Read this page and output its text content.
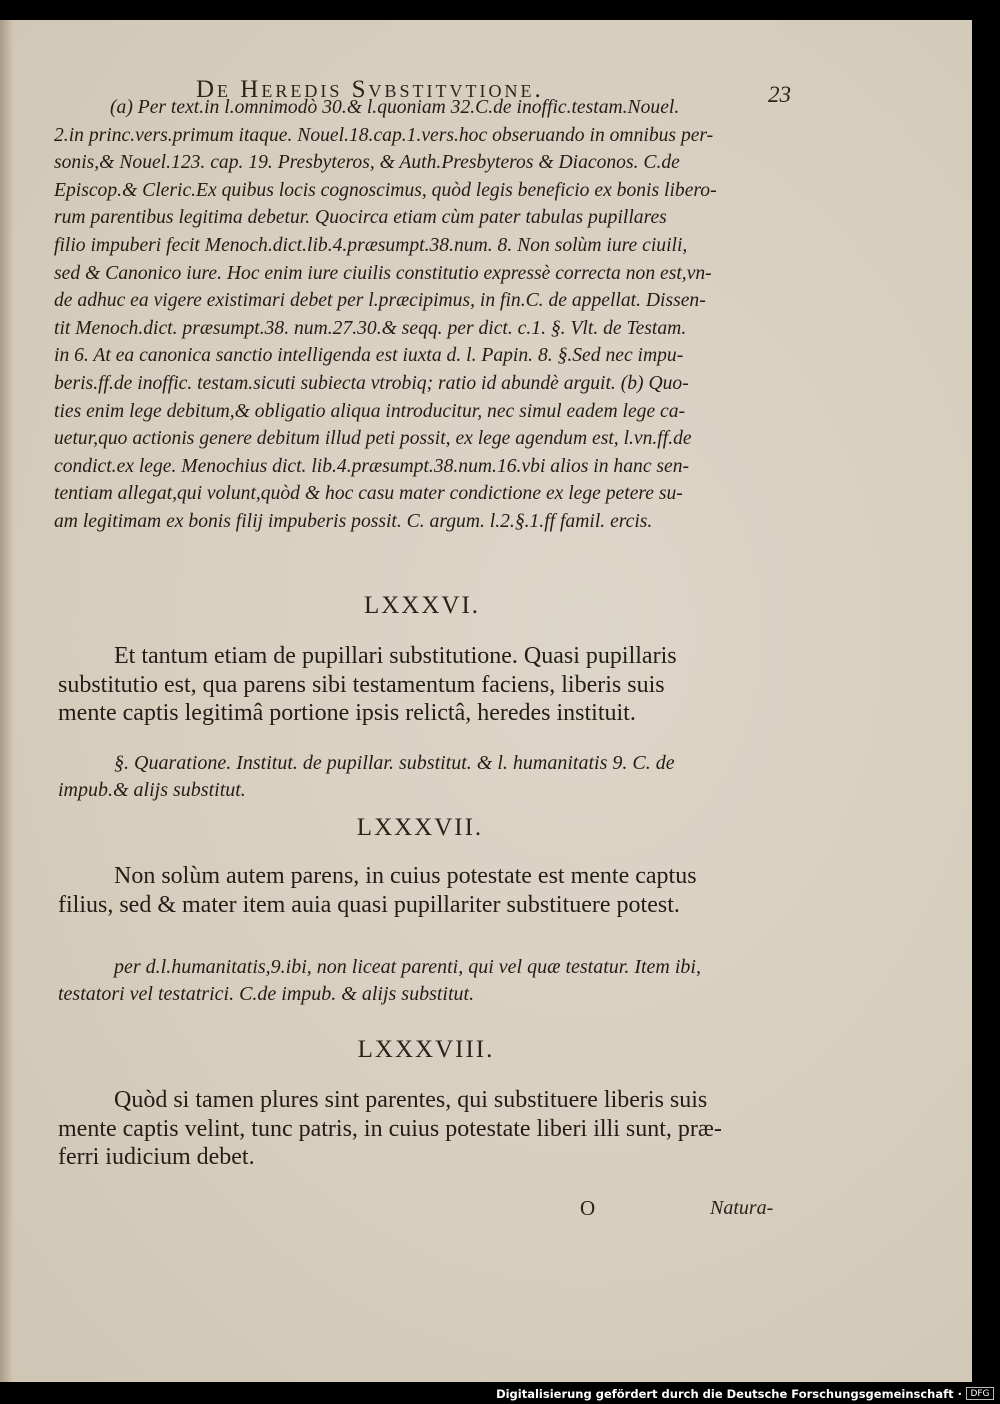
De Heredis Svbstitvtione.	23
(a) Per text.in l.omnimodò 30.& l.quoniam 32.C.de inoffic.testam.Nouel.
2.in princ.vers.primum itaque. Nouel.18.cap.1.vers.hoc obseruando in omnibus per-
sonis,& Nouel.123. cap. 19. Presbyteros, & Auth.Presbyteros & Diaconos. C.de
Episcop.& Cleric.Ex quibus locis cognoscimus, quòd legis beneficio ex bonis libero-
rum parentibus legitima debetur. Quocirca etiam cùm pater tabulas pupillares
filio impuberi fecit Menoch.dict.lib.4.præsumpt.38.num. 8. Non solùm iure ciuili,
sed & Canonico iure. Hoc enim iure ciuilis constitutio expressè correcta non est,vn-
de adhuc ea vigere existimari debet per l.præcipimus, in fin.C. de appellat. Dissen-
tit Menoch.dict. præsumpt.38. num.27.30.& seqq. per dict. c.1. §. Vlt. de Testam.
in 6. At ea canonica sanctio intelligenda est iuxta d. l. Papin. 8. §.Sed nec impu-
beris.ff.de inoffic. testam.sicuti subiecta vtrobiq; ratio id abundè arguit. (b) Quo-
ties enim lege debitum,& obligatio aliqua introducitur, nec simul eadem lege ca-
uetur,quo actionis genere debitum illud peti possit, ex lege agendum est, l.vn.ff.de
condict.ex lege. Menochius dict. lib.4.præsumpt.38.num.16.vbi alios in hanc sen-
tentiam allegat,qui volunt,quòd & hoc casu mater condictione ex lege petere su-
am legitimam ex bonis filij impuberis possit. C. argum. l.2.§.1.ff famil. ercis.
LXXXVI.
Et tantum etiam de pupillari substitutione. Quasi pupillaris
substitutio est, qua parens sibi testamentum faciens, liberis suis
mente captis legitimâ portione ipsis relictâ, heredes instituit.
§. Quaratione. Institut. de pupillar. substitut. & l. humanitatis 9. C. de
impub.& alijs substitut.
LXXXVII.
Non solùm autem parens, in cuius potestate est mente captus
filius, sed & mater item auia quasi pupillariter substituere potest.
per d.l.humanitatis,9.ibi, non liceat parenti, qui vel quæ testatur. Item ibi,
testatori vel testatrici. C.de impub. & alijs substitut.
LXXXVIII.
Quòd si tamen plures sint parentes, qui substituere liberis suis
mente captis velint, tunc patris, in cuius potestate liberi illi sunt, præ-
ferri iudicium debet.
O	Natura-
Digitalisierung gefördert durch die Deutsche Forschungsgemeinschaft · DFG
